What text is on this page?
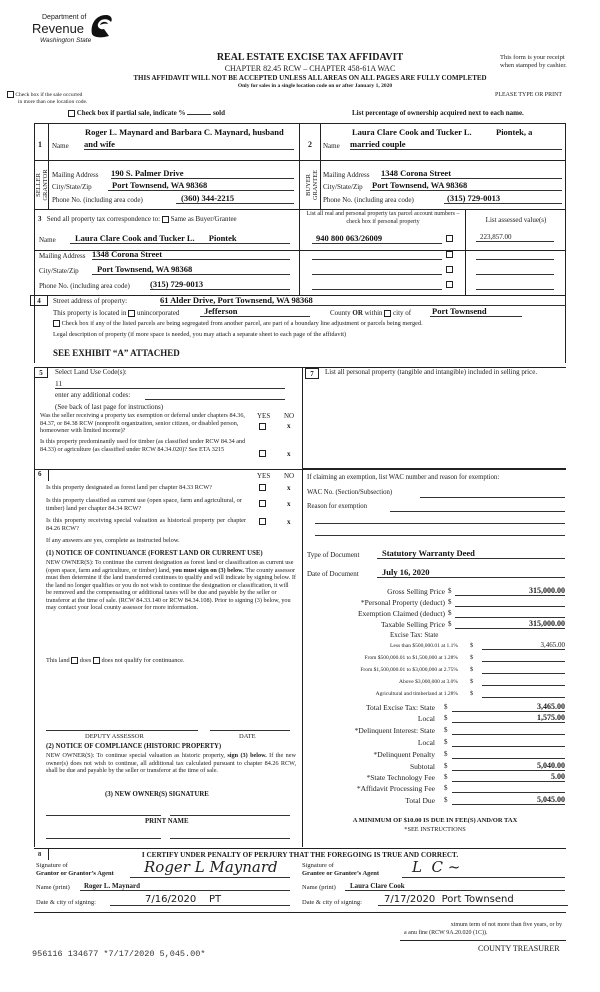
Department of
Revenue
Washington State
REAL ESTATE EXCISE TAX AFFIDAVIT
CHAPTER 82.45 RCW – CHAPTER 458-61A WAC
THIS AFFIDAVIT WILL NOT BE ACCEPTED UNLESS ALL AREAS ON ALL PAGES ARE FULLY COMPLETED
Only for sales in a single location code on or after January 1, 2020
This form is your receipt
when stamped by cashier.
PLEASE TYPE OR PRINT
Check box if the sale occurred
in more than one location code.
Check box if partial sale, indicate %	sold	List percentage of ownership acquired next to each name.
1
SELLER GRANTOR
Roger L. Maynard and Barbara C. Maynard, husband
Name and wife
Mailing Address 190 S. Palmer Drive
City/State/Zip	Port Townsend, WA 98368
Phone No. (including area code)	(360) 344-2215
2
BUYER GRANTEE
Laura Clare Cook and Tucker L.	Piontek, a
Name married couple
Mailing Address 1348 Corona Street
City/State/Zip Port Townsend, WA 98368
Phone No. (including area code)	(315) 729-0013
3 Send all property tax correspondence to: Same as Buyer/Grantee
Name	Laura Clare Cook and Tucker L. Piontek
Mailing Address 1348 Corona Street
City/State/Zip	Port Townsend, WA 98368
Phone No. (including area code) (315) 729-0013
List all real and personal property tax parcel account numbers – check box if personal property	List assessed value(s)
940 800 063/26009	223,857.00
4	Street address of property:	61 Alder Drive, Port Townsend, WA 98368
This property is located in unincorporated	Jefferson	County OR within city of Port Townsend
Check box if any of the listed parcels are being segregated from another parcel, are part of a boundary line adjustment or parcels being merged.
Legal description of property (if more space is needed, you may attach a separate sheet to each page of the affidavit)
SEE EXHIBIT “A” ATTACHED
5	Select Land Use Code(s):
11
enter any additional codes:
(See back of last page for instructions)
YES NO
Was the seller receiving a property tax exemption or deferral under chapters 84.36, 84.37, or 84.38 RCW (nonprofit organization, senior citizen, or disabled person, homeowner with limited income)?
x
Is this property predominantly used for timber (as classified under RCW 84.34 and 84.33) or agriculture (as classified under RCW 84.34.020)? See ETA 3215
x
7	List all personal property (tangible and intangible) included in selling price.
6	YES NO
Is this property designated as forest land per chapter 84.33 RCW?	x
Is this property classified as current use (open space, farm and agricultural, or timber) land per chapter 84.34 RCW?	x
Is this property receiving special valuation as historical property per chapter 84.26 RCW?
x
If any answers are yes, complete as instructed below.
(1) NOTICE OF CONTINUANCE (FOREST LAND OR CURRENT USE)
NEW OWNER(S): To continue the current designation as forest land or classification as current use (open space, farm and agriculture, or timber) land, you must sign on (3) below. The county assessor must then determine if the land transferred continues to qualify and will indicate by signing below. If the land no longer qualifies or you do not wish to continue the designation or classification, it will be removed and the compensating or additional taxes will be due and payable by the seller or transferor at the time of sale. (RCW 84.33.140 or RCW 84.34.108). Prior to signing (3) below, you may contact your local county assessor for more information.
This land does does not qualify for continuance.
DEPUTY ASSESSOR	DATE
(2) NOTICE OF COMPLIANCE (HISTORIC PROPERTY)
NEW OWNER(S): To continue special valuation as historic property, sign (3) below. If the new owner(s) does not wish to continue, all additional tax calculated pursuant to chapter 84.26 RCW, shall be due and payable by the seller or transferor at the time of sale.
(3) NEW OWNER(S) SIGNATURE
PRINT NAME
If claiming an exemption, list WAC number and reason for exemption:
WAC No. (Section/Subsection)
Reason for exemption
Type of Document	Statutory Warranty Deed
Date of Document	July 16, 2020
Gross Selling Price $	315,000.00
*Personal Property (deduct) $
Exemption Claimed (deduct) $
Taxable Selling Price $	315,000.00
Excise Tax: State
Less than $500,000.01 at 1.1% $	3,465.00
From $500,000.01 to $1,500,000 at 1.28% $
From $1,500,000.01 to $3,000,000 at 2.75% $
Above $3,000,000 at 3.0% $
Agricultural and timberland at 1.28% $
Total Excise Tax: State $	3,465.00
Local $	1,575.00
*Delinquent Interest: State $
Local $
*Delinquent Penalty $
Subtotal $	5,040.00
*State Technology Fee $	5.00
*Affidavit Processing Fee $
Total Due $	5,045.00
A MINIMUM OF $10.00 IS DUE IN FEE(S) AND/OR TAX
*SEE INSTRUCTIONS
8	I CERTIFY UNDER PENALTY OF PERJURY THAT THE FOREGOING IS TRUE AND CORRECT.
Signature of
Grantor or Grantor’s Agent	Roger L Maynard
Name (print)	Roger L. Maynard
Date & city of signing:	7/16/2020    PT
Signature of
Grantee or Grantee’s Agent	L  C ~
Name (print)	Laura Clare Cook
Date & city of signing:	7/17/2020  Port Townsend
ximum term of not more than five years, or by
a anu fine (RCW 9A.20.020 (1C)).
COUNTY TREASURER
956116 134677 *7/17/2020 5,045.00*
